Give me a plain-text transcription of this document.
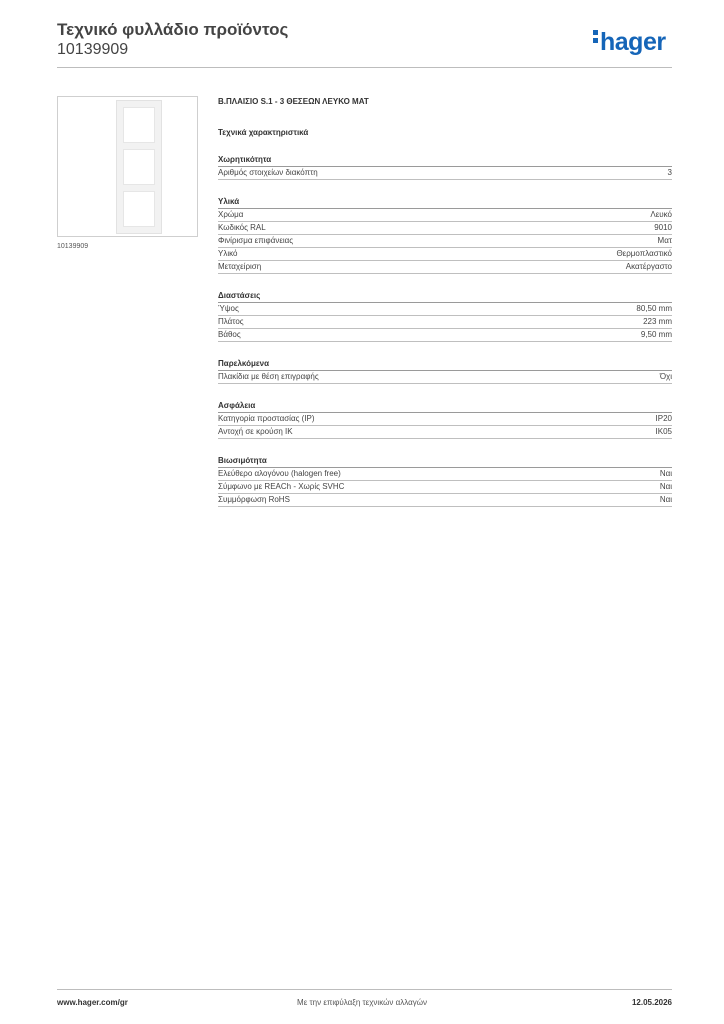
Τεχνικό φυλλάδιο προϊόντος
10139909	hager
10139909
Β.ΠΛΑΙΣΙΟ S.1 - 3 ΘΕΣΕΩΝ ΛΕΥΚΟ ΜΑΤ
Τεχνικά χαρακτηριστικά
Χωρητικότητα
Αριθμός στοιχείων διακόπτη	3
Υλικά
Χρώμα	Λευκό
Κωδικός RAL	9010
Φινίρισμα επιφάνειας	Ματ
Υλικό	Θερμοπλαστικό
Μεταχείριση	Ακατέργαστο
Διαστάσεις
Ύψος	80,50 mm
Πλάτος	223 mm
Βάθος	9,50 mm
Παρελκόμενα
Πλακίδια με θέση επιγραφής	Όχι
Ασφάλεια
Κατηγορία προστασίας (IP)	IP20
Αντοχή σε κρούση IK	IK05
Βιωσιμότητα
Ελεύθερο αλογόνου (halogen free)	Ναι
Σύμφωνο με REACh - Χωρίς SVHC	Ναι
Συμμόρφωση RoHS	Ναι
www.hager.com/gr	Με την επιφύλαξη τεχνικών αλλαγών	12.05.2026
